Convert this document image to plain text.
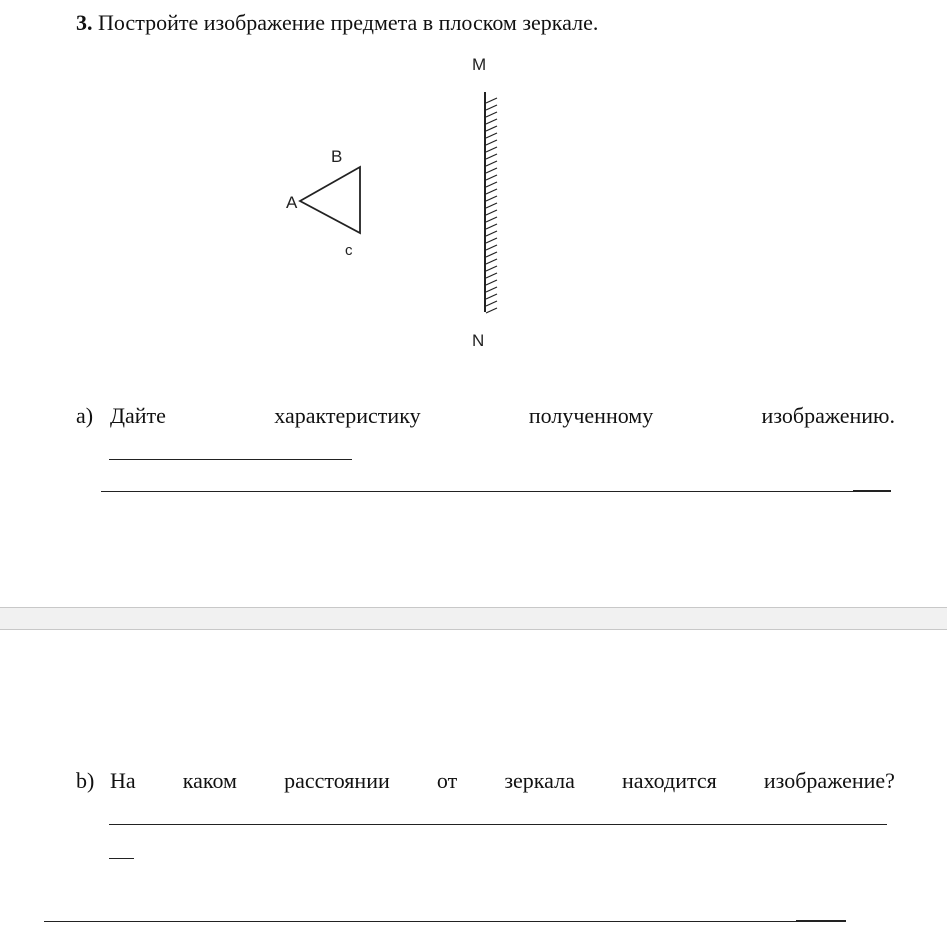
3. Постройте изображение предмета в плоском зеркале.
M
N
A
B
c
a) Дайте	характеристику	полученному	изображению.
b) На каком расстоянии от зеркала находится изображение?
